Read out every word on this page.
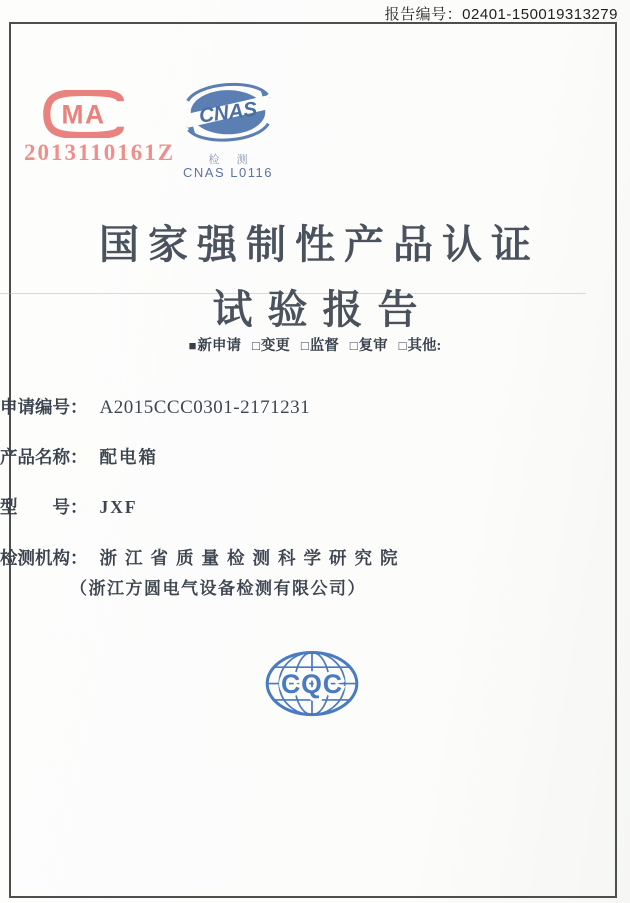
报告编号：02401-150019313279
MA
2013110161Z
CNAS
检 测
CNAS L0116
国家强制性产品认证
试验报告
■新申请 □变更 □监督 □复审 □其他:
申请编号： A2015CCC0301-2171231
产品名称： 配电箱
型　　号： JXF
检测机构： 浙江省质量检测科学研究院
（浙江方圆电气设备检测有限公司）
CQC
